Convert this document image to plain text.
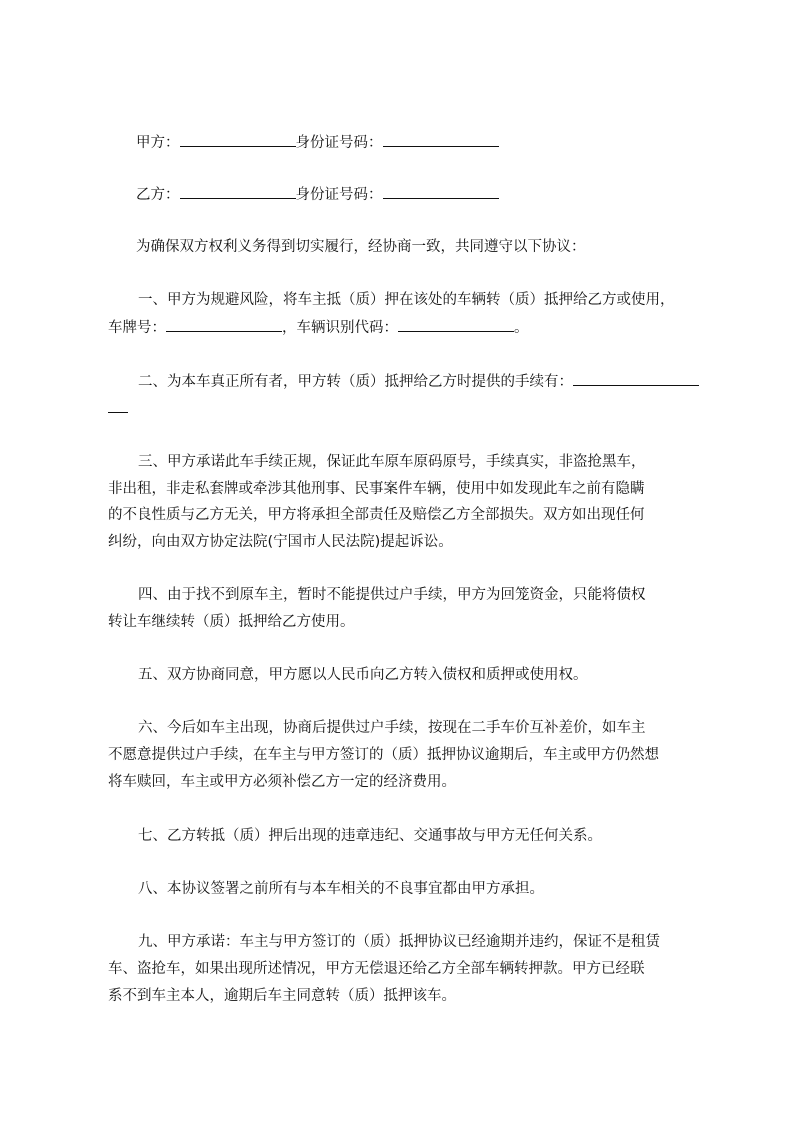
甲方：	身份证号码：
乙方：	身份证号码：
为确保双方权利义务得到切实履行，经协商一致，共同遵守以下协议：
一、甲方为规避风险，将车主抵（质）押在该处的车辆转（质）抵押给乙方或使用，
车牌号：	，车辆识别代码：	。
二、为本车真正所有者，甲方转（质）抵押给乙方时提供的手续有：
三、甲方承诺此车手续正规，保证此车原车原码原号，手续真实，非盗抢黑车，
非出租，非走私套牌或牵涉其他刑事、民事案件车辆，使用中如发现此车之前有隐瞒
的不良性质与乙方无关，甲方将承担全部责任及赔偿乙方全部损失。双方如出现任何
纠纷，向由双方协定法院(宁国市人民法院)提起诉讼。
四、由于找不到原车主，暂时不能提供过户手续，甲方为回笼资金，只能将债权
转让车继续转（质）抵押给乙方使用。
五、双方协商同意，甲方愿以人民币向乙方转入债权和质押或使用权。
六、今后如车主出现，协商后提供过户手续，按现在二手车价互补差价，如车主
不愿意提供过户手续，在车主与甲方签订的（质）抵押协议逾期后，车主或甲方仍然想
将车赎回，车主或甲方必须补偿乙方一定的经济费用。
七、乙方转抵（质）押后出现的违章违纪、交通事故与甲方无任何关系。
八、本协议签署之前所有与本车相关的不良事宜都由甲方承担。
九、甲方承诺：车主与甲方签订的（质）抵押协议已经逾期并违约，保证不是租赁
车、盗抢车，如果出现所述情况，甲方无偿退还给乙方全部车辆转押款。甲方已经联
系不到车主本人，逾期后车主同意转（质）抵押该车。
